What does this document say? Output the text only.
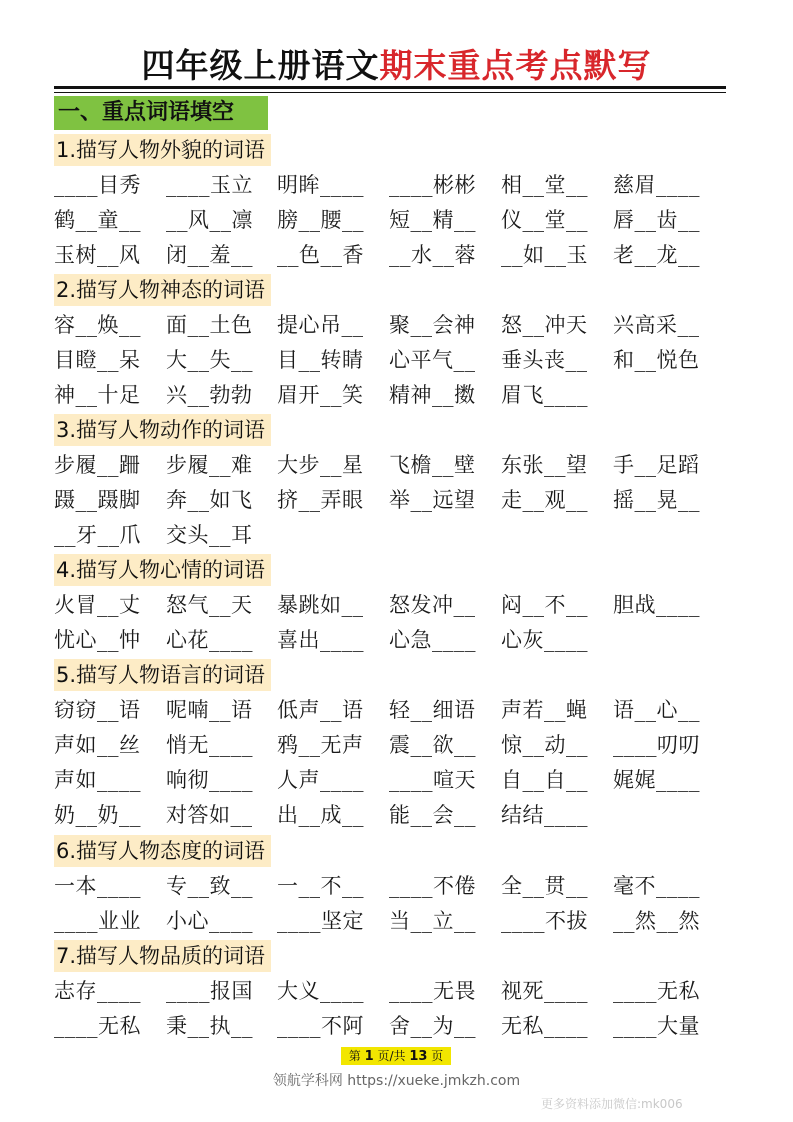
四年级上册语文期末重点考点默写
一、重点词语填空
1.描写人物外貌的词语
____目秀 ____玉立 明眸____ ____彬彬 相__堂__ 慈眉____
鹤__童__ __风__凛 膀__腰__ 短__精__ 仪__堂__ 唇__齿__
玉树__风 闭__羞__ __色__香 __水__蓉 __如__玉 老__龙__
2.描写人物神态的词语
容__焕__ 面__土色 提心吊__ 聚__会神 怒__冲天 兴高采__
目瞪__呆 大__失__ 目__转睛 心平气__ 垂头丧__ 和__悦色
神__十足 兴__勃勃 眉开__笑 精神__擞 眉飞____
3.描写人物动作的词语
步履__跚 步履__难 大步__星 飞檐__壁 东张__望 手__足蹈
蹑__蹑脚 奔__如飞 挤__弄眼 举__远望 走__观__ 摇__晃__
__牙__爪 交头__耳
4.描写人物心情的词语
火冒__丈 怒气__天 暴跳如__ 怒发冲__ 闷__不__ 胆战____
忧心__忡 心花____ 喜出____ 心急____ 心灰____
5.描写人物语言的词语
窃窃__语 呢喃__语 低声__语 轻__细语 声若__蝇 语__心__
声如__丝 悄无____ 鸦__无声 震__欲__ 惊__动__ ____叨叨
声如____ 响彻____ 人声____ ____喧天 自__自__ 娓娓____
奶__奶__ 对答如__ 出__成__ 能__会__ 结结____
6.描写人物态度的词语
一本____ 专__致__ 一__不__ ____不倦 全__贯__ 毫不____
____业业 小心____ ____坚定 当__立__ ____不拔 __然__然
7.描写人物品质的词语
志存____ ____报国 大义____ ____无畏 视死____ ____无私
____无私 秉__执__ ____不阿 舍__为__ 无私____ ____大量
第 1 页/共 13 页
领航学科网 https://xueke.jmkzh.com
更多资料添加微信:mk006
